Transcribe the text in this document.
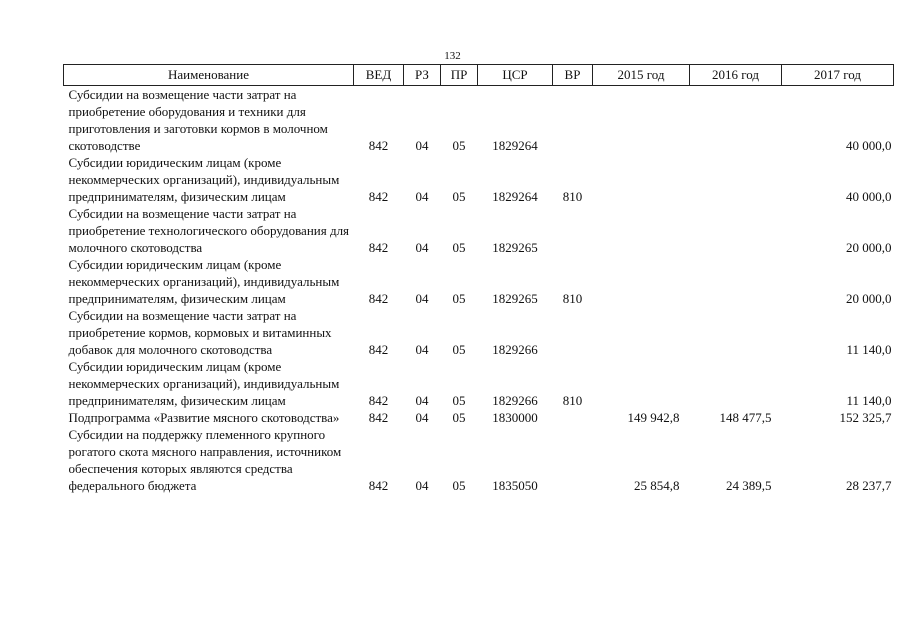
132
Наименование	ВЕД	РЗ	ПР	ЦСР	ВР	2015 год	2016 год	2017 год
Субсидии на возмещение части затрат на приобретение оборудования и техники для приготовления и заготовки кормов в молочном скотоводстве	842	04	05	1829264				40 000,0
Субсидии юридическим лицам (кроме некоммерческих организаций), индивидуальным предпринимателям, физическим лицам	842	04	05	1829264	810			40 000,0
Субсидии на возмещение части затрат на приобретение технологического оборудования для молочного скотоводства	842	04	05	1829265				20 000,0
Субсидии юридическим лицам (кроме некоммерческих организаций), индивидуальным предпринимателям, физическим лицам	842	04	05	1829265	810			20 000,0
Субсидии на возмещение части затрат на приобретение кормов, кормовых и витаминных добавок для молочного скотоводства	842	04	05	1829266				11 140,0
Субсидии юридическим лицам (кроме некоммерческих организаций), индивидуальным предпринимателям, физическим лицам	842	04	05	1829266	810			11 140,0
Подпрограмма «Развитие мясного скотоводства»	842	04	05	1830000		149 942,8	148 477,5	152 325,7
Субсидии на поддержку племенного крупного рогатого скота мясного направления, источником обеспечения которых являются средства федерального бюджета	842	04	05	1835050		25 854,8	24 389,5	28 237,7
